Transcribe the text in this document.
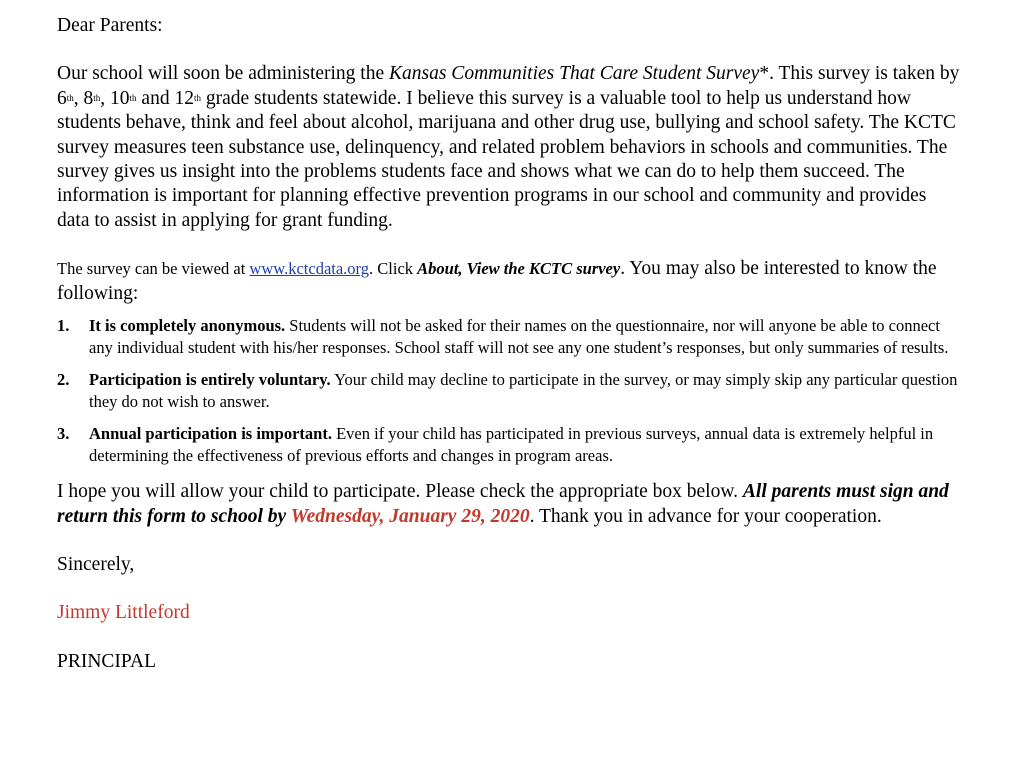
Dear Parents:

Our school will soon be administering the Kansas Communities That Care Student Survey*. This survey is taken by 6th, 8th, 10th and 12th grade students statewide. I believe this survey is a valuable tool to help us understand how students behave, think and feel about alcohol, marijuana and other drug use, bullying and school safety. The KCTC survey measures teen substance use, delinquency, and related problem behaviors in schools and communities. The survey gives us insight into the problems students face and shows what we can do to help them succeed. The information is important for planning effective prevention programs in our school and community and provides data to assist in applying for grant funding.

The survey can be viewed at www.kctcdata.org. Click About, View the KCTC survey. You may also be interested to know the following:

1. It is completely anonymous. Students will not be asked for their names on the questionnaire, nor will anyone be able to connect any individual student with his/her responses. School staff will not see any one student’s responses, but only summaries of results.
2. Participation is entirely voluntary. Your child may decline to participate in the survey, or may simply skip any particular question they do not wish to answer.
3. Annual participation is important. Even if your child has participated in previous surveys, annual data is extremely helpful in determining the effectiveness of previous efforts and changes in program areas.

I hope you will allow your child to participate. Please check the appropriate box below. All parents must sign and return this form to school by Wednesday, January 29, 2020. Thank you in advance for your cooperation.

Sincerely,

Jimmy Littleford

PRINCIPAL
